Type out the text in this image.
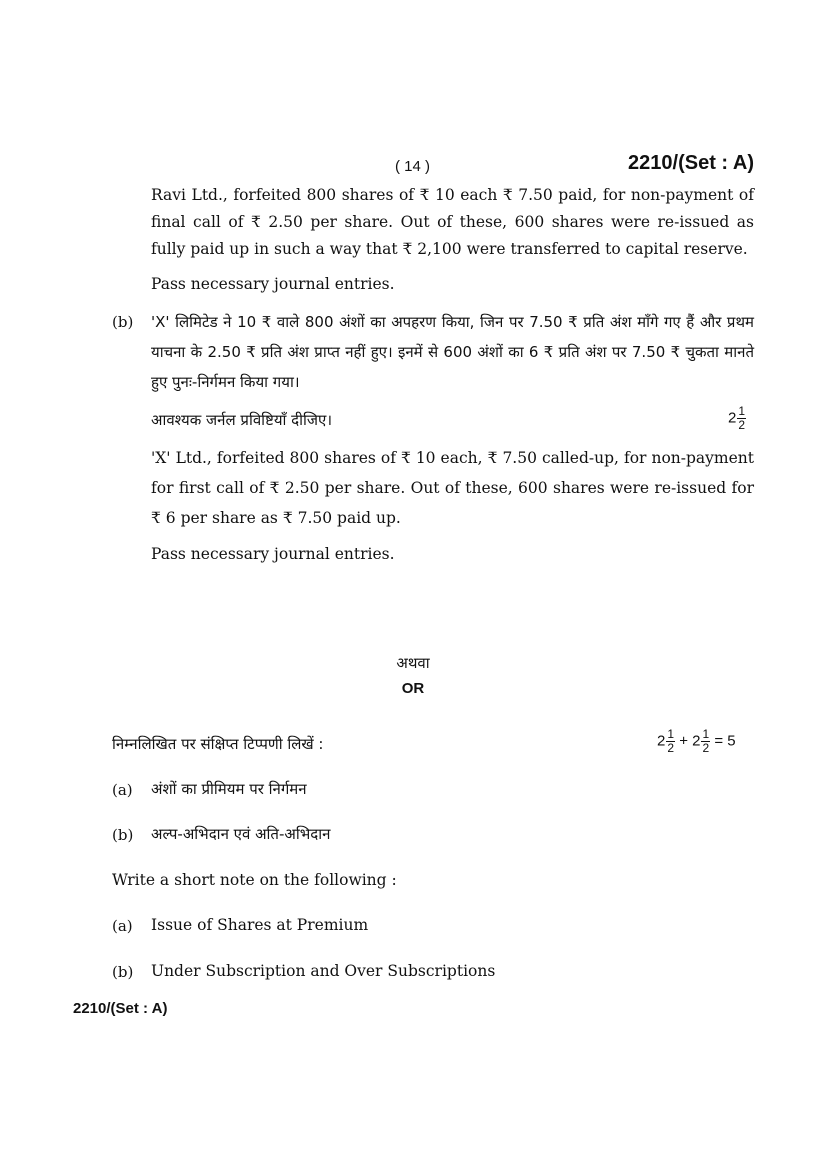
( 14 )	2210/(Set : A)
Ravi Ltd., forfeited 800 shares of ₹ 10 each ₹ 7.50 paid, for non-payment of final call of ₹ 2.50 per share. Out of these, 600 shares were re-issued as fully paid up in such a way that ₹ 2,100 were transferred to capital reserve.
Pass necessary journal entries.
(b) 'X' लिमिटेड ने 10 ₹ वाले 800 अंशों का अपहरण किया, जिन पर 7.50 ₹ प्रति अंश माँगे गए हैं और प्रथम याचना के 2.50 ₹ प्रति अंश प्राप्त नहीं हुए। इनमें से 600 अंशों का 6 ₹ प्रति अंश पर 7.50 ₹ चुकता मानते हुए पुनः-निर्गमन किया गया।
आवश्यक जर्नल प्रविष्टियाँ दीजिए।	$2 \frac{1}{2}$
'X' Ltd., forfeited 800 shares of ₹ 10 each, ₹ 7.50 called-up, for non-payment for first call of ₹ 2.50 per share. Out of these, 600 shares were re-issued for ₹ 6 per share as ₹ 7.50 paid up.
Pass necessary journal entries.
अथवा
OR
निम्नलिखित पर संक्षिप्त टिप्पणी लिखें :	$2 \frac{1}{2} + 2 \frac{1}{2} = 5$
(a) अंशों का प्रीमियम पर निर्गमन
(b) अल्प-अभिदान एवं अति-अभिदान
Write a short note on the following :
(a) Issue of Shares at Premium
(b) Under Subscription and Over Subscriptions
2210/(Set : A)
